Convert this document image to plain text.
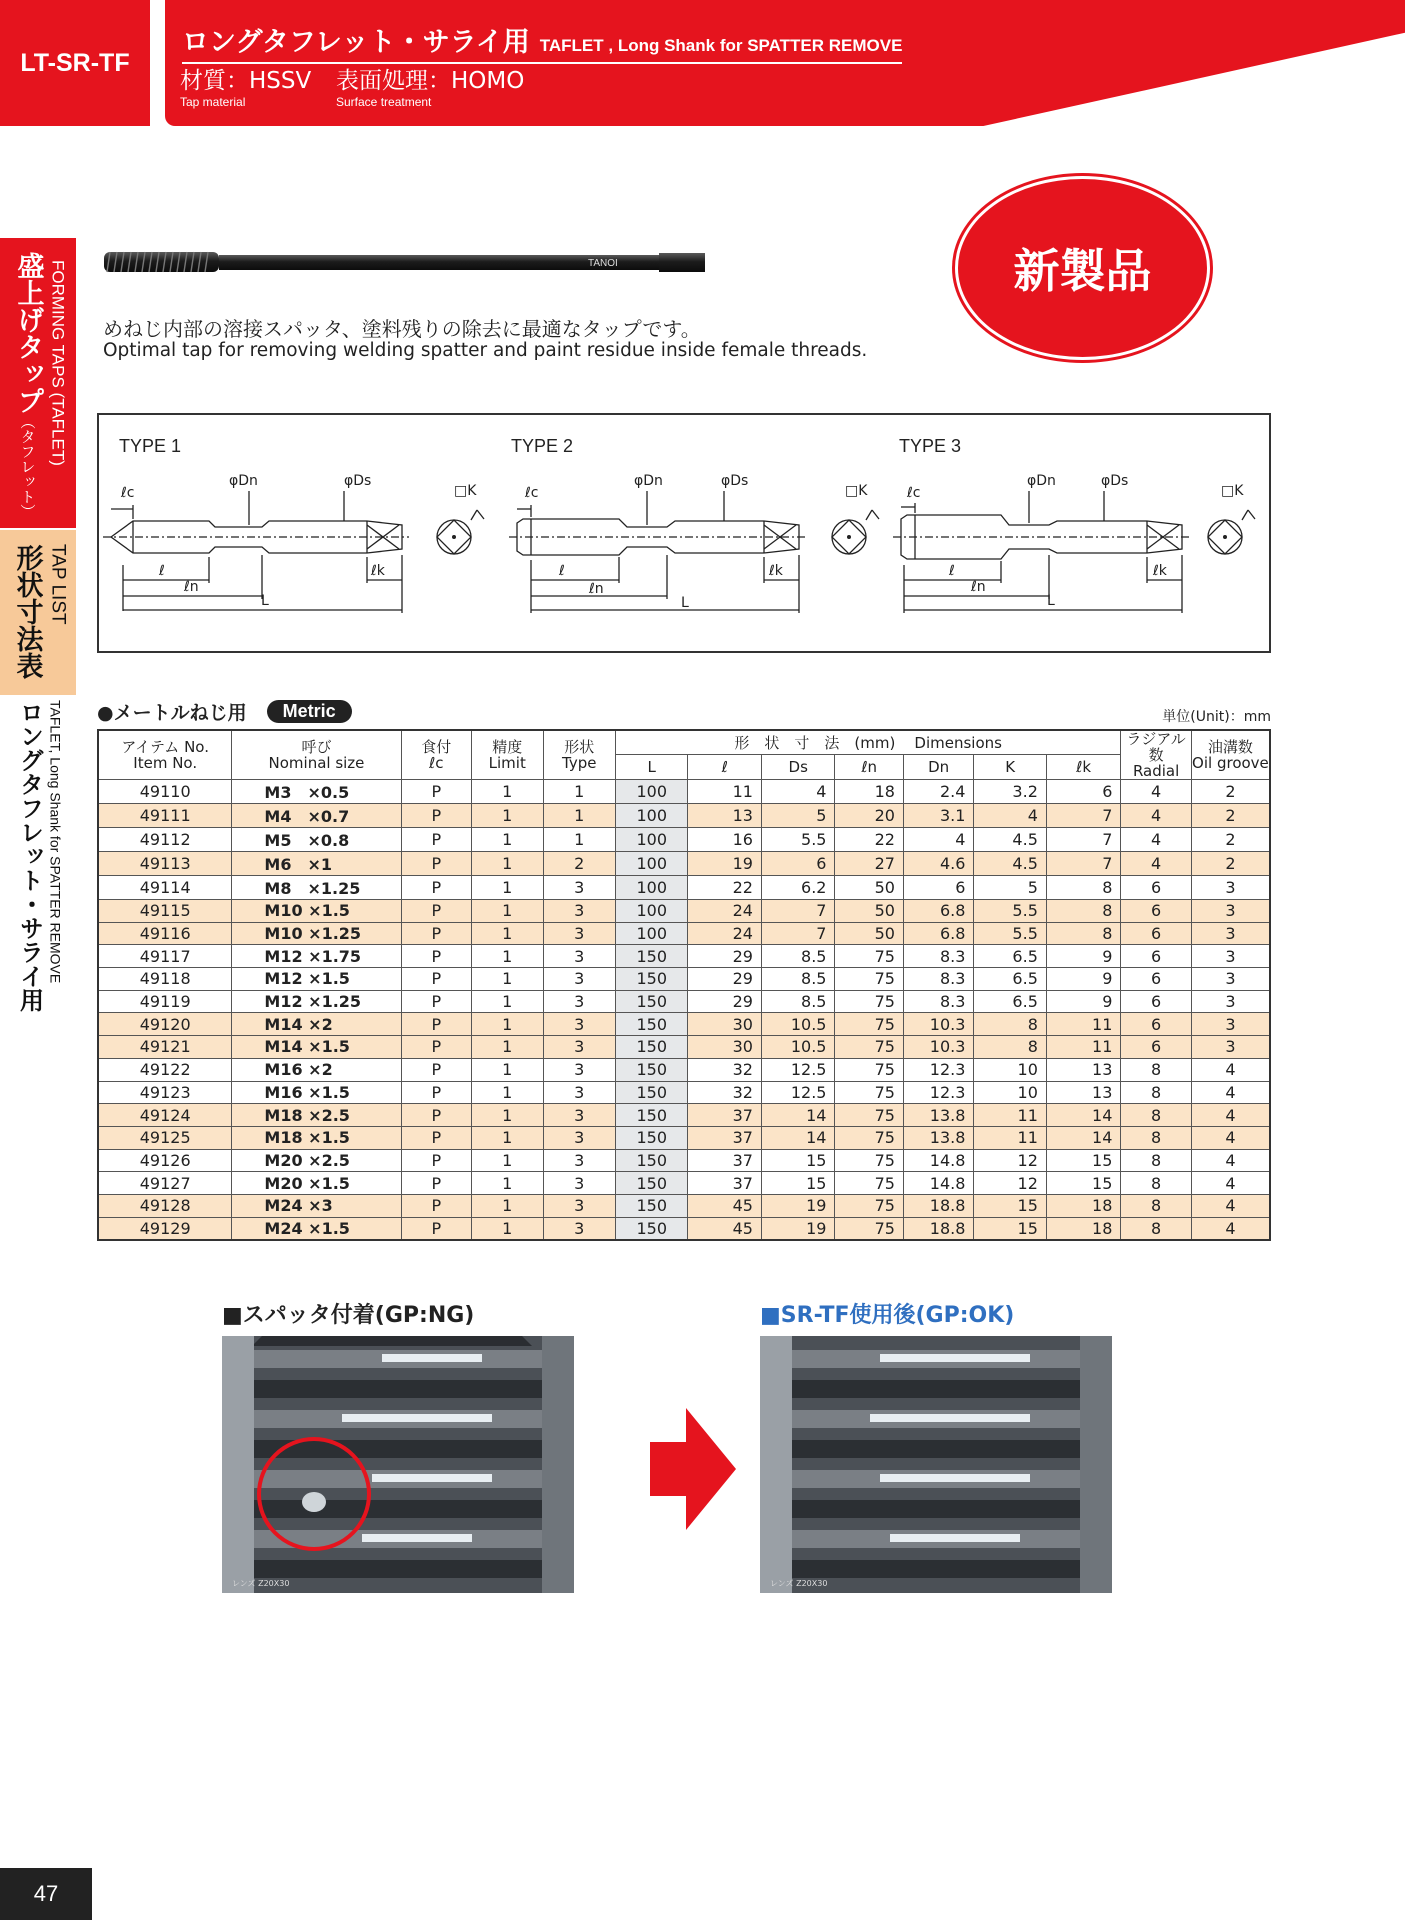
LT-SR-TF
ロングタフレット・サライ用 TAFLET , Long Shank for SPATTER REMOVE
材質：HSSV
Tap material
表面処理：HOMO
Surface treatment
盛上げタップ（タフレット）
FORMING TAPS (TAFLET)
形状寸法表 TAP LIST
ロングタフレット・サライ用 TAFLET, Long Shank for SPATTER REMOVE
TANOI
めねじ内部の溶接スパッタ、塗料残りの除去に最適なタップです。
Optimal tap for removing welding spatter and paint residue inside female threads.
新製品
TYPE 1
ℓc
φDn	φDs
□K
ℓ
ℓn
L
ℓk
TYPE 2
ℓc
φDn	φDs
□K
ℓ
ℓn
L
ℓk
TYPE 3
ℓc
φDn	φDs
□K
ℓ
ℓn
L
ℓk
●メートルねじ用	Metric	単位(Unit)：mm
アイテム No.
Item No.	呼び
Nominal size	食付
ℓc	精度
Limit	形状
Type	形　状　寸　法　(mm) Dimensions							ラジアル数
Radial	油溝数
Oil groove
					L	ℓ	Ds	ℓn	Dn	K	ℓk		
49110	M3　×0.5	P	1	1	100	11	4	18	2.4	3.2	6	4	2
49111	M4　×0.7	P	1	1	100	13	5	20	3.1	4	7	4	2
49112	M5　×0.8	P	1	1	100	16	5.5	22	4	4.5	7	4	2
49113	M6　×1	P	1	2	100	19	6	27	4.6	4.5	7	4	2
49114	M8　×1.25	P	1	3	100	22	6.2	50	6	5	8	6	3
49115	M10 ×1.5	P	1	3	100	24	7	50	6.8	5.5	8	6	3
49116	M10 ×1.25	P	1	3	100	24	7	50	6.8	5.5	8	6	3
49117	M12 ×1.75	P	1	3	150	29	8.5	75	8.3	6.5	9	6	3
49118	M12 ×1.5	P	1	3	150	29	8.5	75	8.3	6.5	9	6	3
49119	M12 ×1.25	P	1	3	150	29	8.5	75	8.3	6.5	9	6	3
49120	M14 ×2	P	1	3	150	30	10.5	75	10.3	8	11	6	3
49121	M14 ×1.5	P	1	3	150	30	10.5	75	10.3	8	11	6	3
49122	M16 ×2	P	1	3	150	32	12.5	75	12.3	10	13	8	4
49123	M16 ×1.5	P	1	3	150	32	12.5	75	12.3	10	13	8	4
49124	M18 ×2.5	P	1	3	150	37	14	75	13.8	11	14	8	4
49125	M18 ×1.5	P	1	3	150	37	14	75	13.8	11	14	8	4
49126	M20 ×2.5	P	1	3	150	37	15	75	14.8	12	15	8	4
49127	M20 ×1.5	P	1	3	150	37	15	75	14.8	12	15	8	4
49128	M24 ×3	P	1	3	150	45	19	75	18.8	15	18	8	4
49129	M24 ×1.5	P	1	3	150	45	19	75	18.8	15	18	8	4
■スパッタ付着(GP:NG)	■SR-TF使用後(GP:OK)
レンズ Z20X30	レンズ Z20X30
47
